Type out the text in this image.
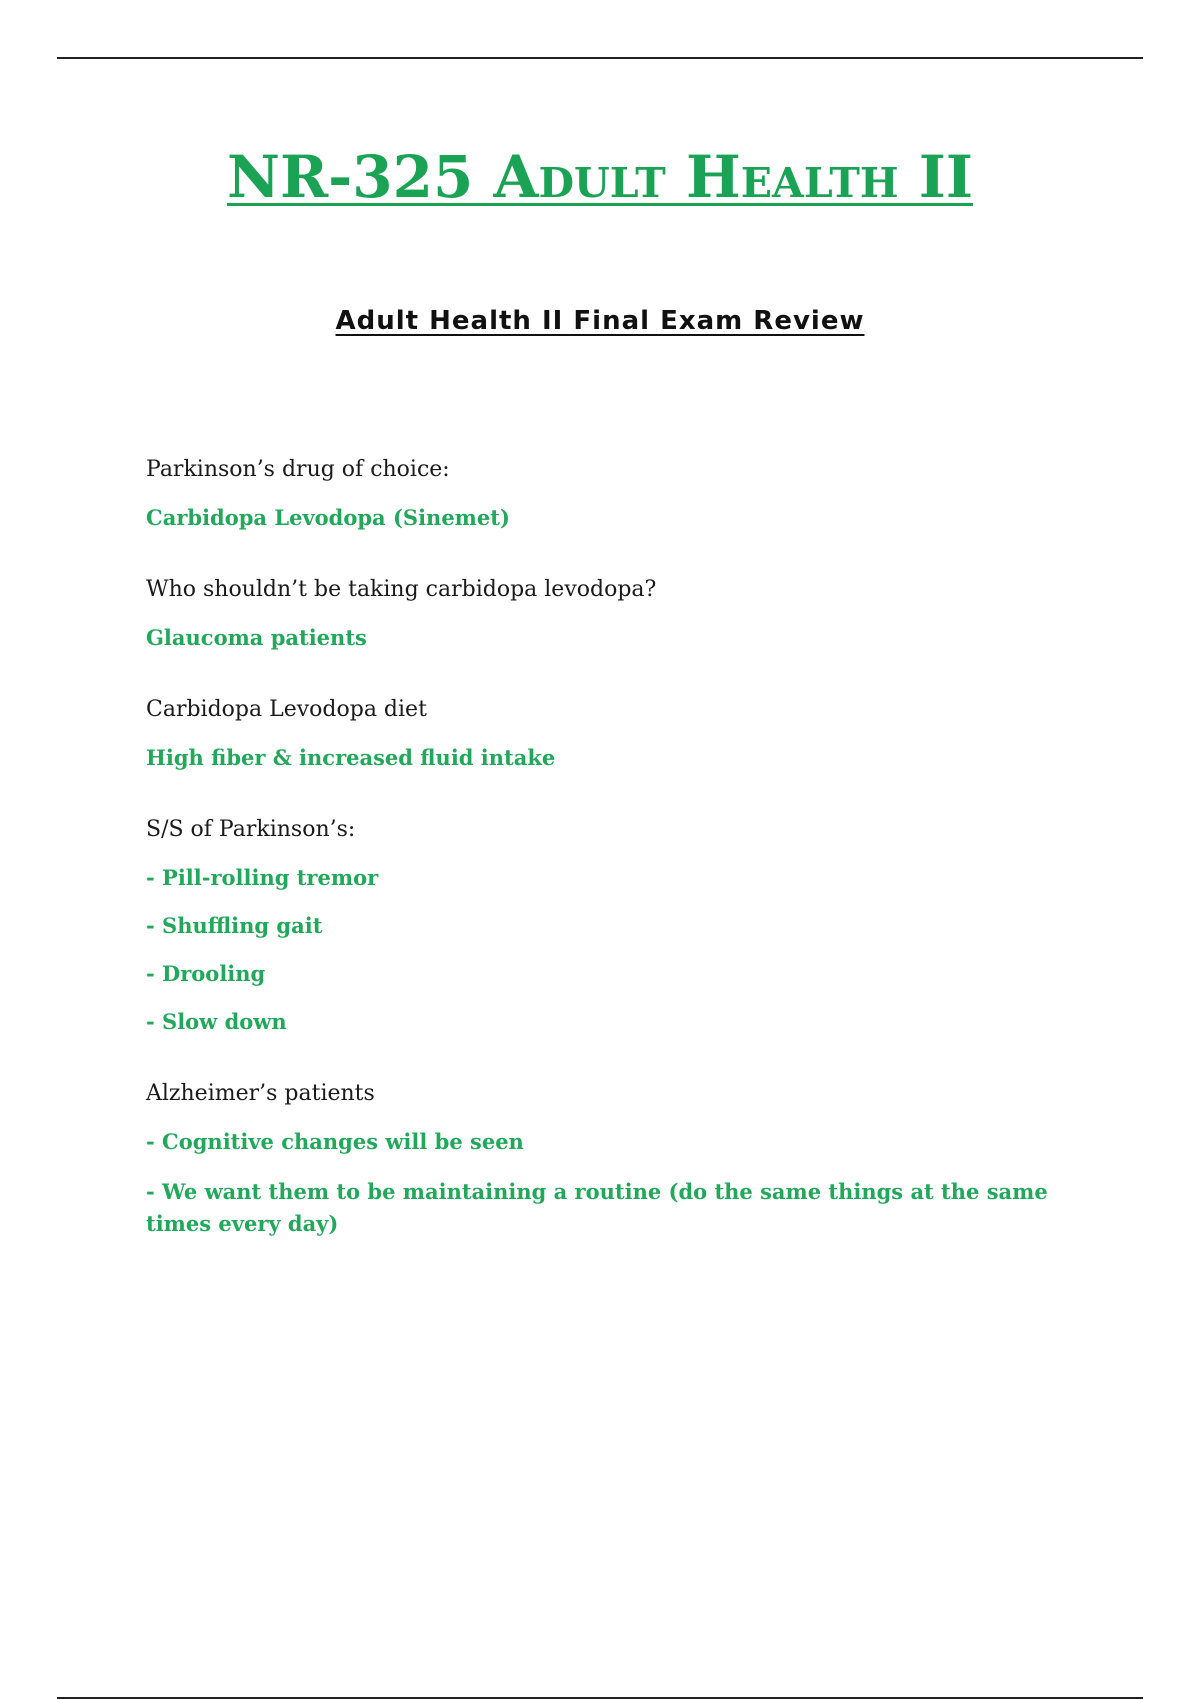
NR-325 Adult Health II
Adult Health II Final Exam Review

Parkinson’s drug of choice:

Carbidopa Levodopa (Sinemet)

Who shouldn’t be taking carbidopa levodopa?

Glaucoma patients

Carbidopa Levodopa diet

High fiber & increased fluid intake

S/S of Parkinson’s:

- Pill-rolling tremor

- Shuffling gait

- Drooling

- Slow down

Alzheimer’s patients

- Cognitive changes will be seen

- We want them to be maintaining a routine (do the same things at the same times every day)
